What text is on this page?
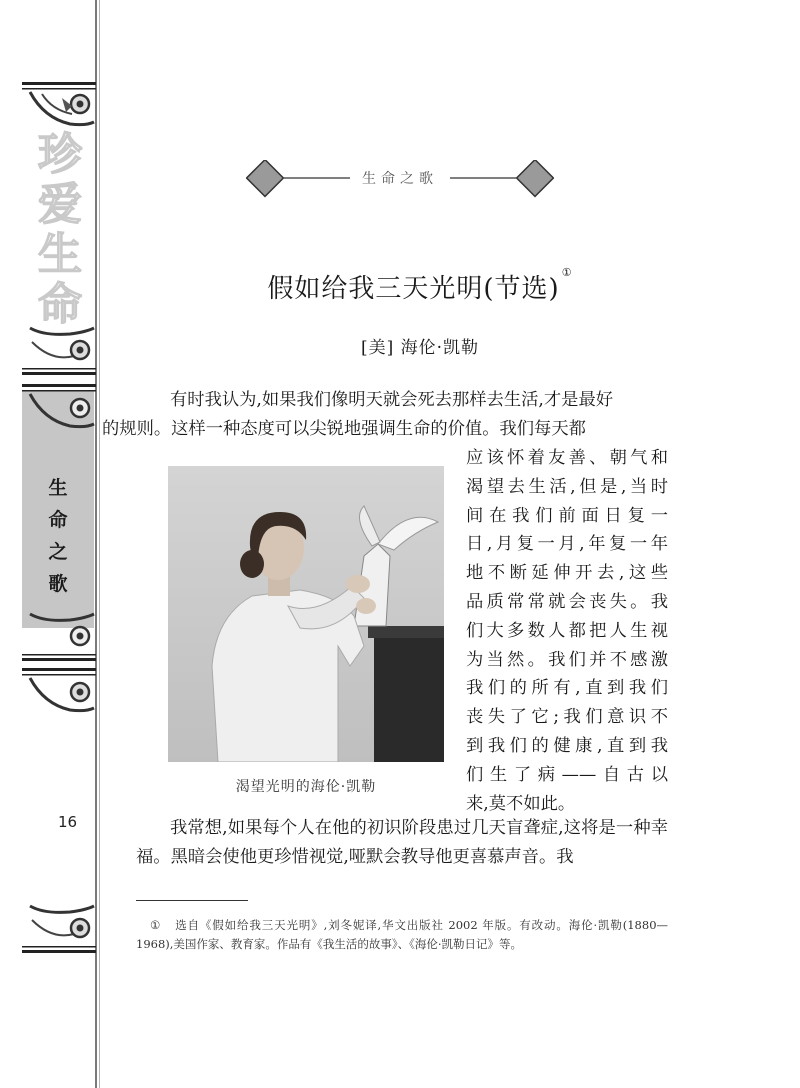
珍
爱
生
命
生
命
之
歌
16
生命之歌
假如给我三天光明(节选)①
[美] 海伦·凯勒
有时我认为,如果我们像明天就会死去那样去生活,才是最好
的规则。这样一种态度可以尖锐地强调生命的价值。我们每天都
渴望光明的海伦·凯勒
应该怀着友善、朝气和
渴望去生活,但是,当时
间在我们前面日复一
日,月复一月,年复一年
地不断延伸开去,这些
品质常常就会丧失。我
们大多数人都把人生视
为当然。我们并不感激
我们的所有,直到我们
丧失了它;我们意识不
到我们的健康,直到我
们生了病——自古以
来,莫不如此。
我常想,如果每个人在他的初识阶段患过几天盲聋症,这将是一种幸福。黑暗会使他更珍惜视觉,哑默会教导他更喜慕声音。我
① 选自《假如给我三天光明》,刘冬妮译,华文出版社 2002 年版。有改动。海伦·凯勒(1880—1968),美国作家、教育家。作品有《我生活的故事》、《海伦·凯勒日记》等。
